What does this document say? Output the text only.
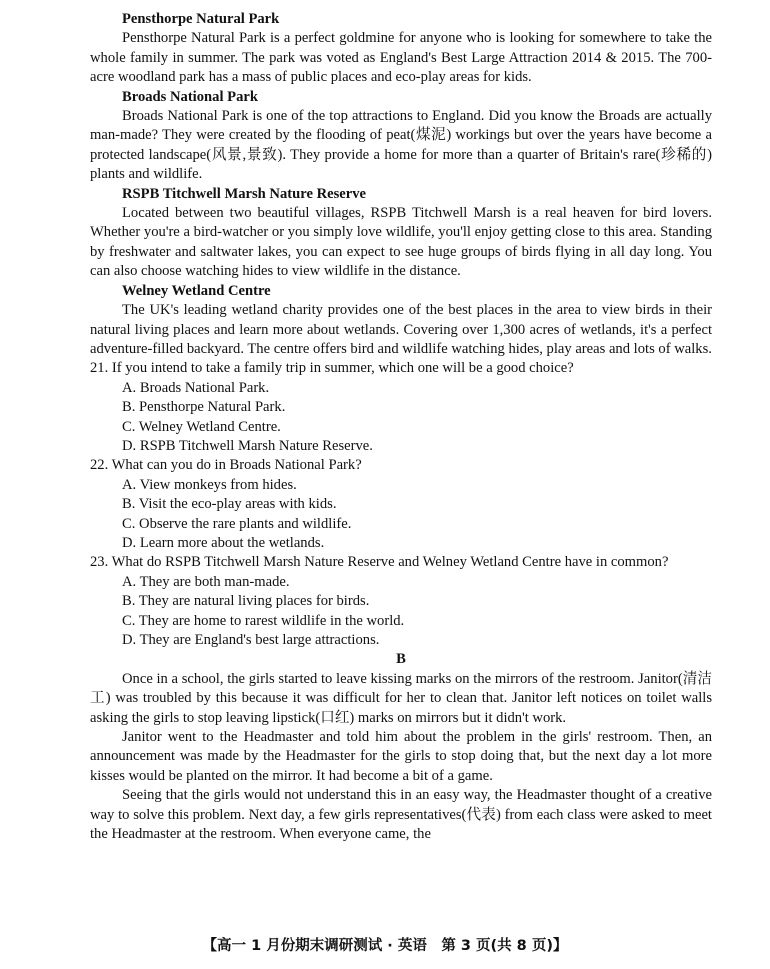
Pensthorpe Natural Park

Pensthorpe Natural Park is a perfect goldmine for anyone who is looking for somewhere to take the whole family in summer. The park was voted as England's Best Large Attraction 2014 & 2015. The 700-acre woodland park has a mass of public places and eco-play areas for kids.

Broads National Park

Broads National Park is one of the top attractions to England. Did you know the Broads are actually man-made? They were created by the flooding of peat(煤泥) workings but over the years have become a protected landscape(风景,景致). They provide a home for more than a quarter of Britain's rare(珍稀的) plants and wildlife.

RSPB Titchwell Marsh Nature Reserve

Located between two beautiful villages, RSPB Titchwell Marsh is a real heaven for bird lovers. Whether you're a bird-watcher or you simply love wildlife, you'll enjoy getting close to this area. Standing by freshwater and saltwater lakes, you can expect to see huge groups of birds flying in all day long. You can also choose watching hides to view wildlife in the distance.

Welney Wetland Centre

The UK's leading wetland charity provides one of the best places in the area to view birds in their natural living places and learn more about wetlands. Covering over 1,300 acres of wetlands, it's a perfect adventure-filled backyard. The centre offers bird and wildlife watching hides, play areas and lots of walks.

21. If you intend to take a family trip in summer, which one will be a good choice?
A. Broads National Park.
B. Pensthorpe Natural Park.
C. Welney Wetland Centre.
D. RSPB Titchwell Marsh Nature Reserve.
22. What can you do in Broads National Park?
A. View monkeys from hides.
B. Visit the eco-play areas with kids.
C. Observe the rare plants and wildlife.
D. Learn more about the wetlands.
23. What do RSPB Titchwell Marsh Nature Reserve and Welney Wetland Centre have in common?
A. They are both man-made.
B. They are natural living places for birds.
C. They are home to rarest wildlife in the world.
D. They are England's best large attractions.
B

Once in a school, the girls started to leave kissing marks on the mirrors of the restroom. Janitor(清洁工) was troubled by this because it was difficult for her to clean that. Janitor left notices on toilet walls asking the girls to stop leaving lipstick(口红) marks on mirrors but it didn't work.

Janitor went to the Headmaster and told him about the problem in the girls' restroom. Then, an announcement was made by the Headmaster for the girls to stop doing that, but the next day a lot more kisses would be planted on the mirror. It had become a bit of a game.

Seeing that the girls would not understand this in an easy way, the Headmaster thought of a creative way to solve this problem. Next day, a few girls representatives(代表) from each class were asked to meet the Headmaster at the restroom. When everyone came, the

【高一 1 月份期末调研测试 · 英语　第 3 页(共 8 页)】
